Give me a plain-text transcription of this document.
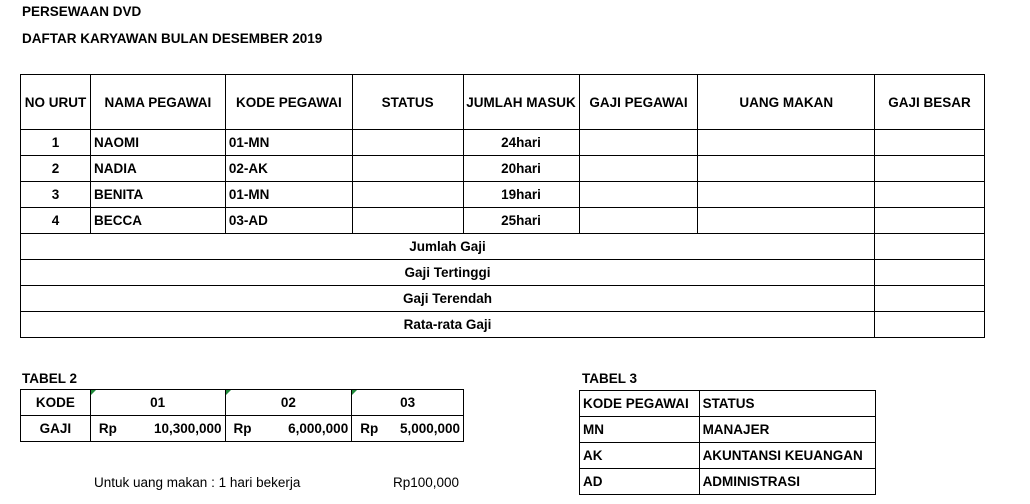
PERSEWAAN DVD
DAFTAR KARYAWAN BULAN DESEMBER 2019
NO URUT	NAMA PEGAWAI	KODE PEGAWAI	STATUS	JUMLAH MASUK	GAJI PEGAWAI	UANG MAKAN	GAJI BESAR
1	NAOMI	01-MN		24hari			
2	NADIA	02-AK		20hari			
3	BENITA	01-MN		19hari			
4	BECCA	03-AD		25hari			
Jumlah Gaji							
Gaji Tertinggi							
Gaji Terendah							
Rata-rata Gaji							
TABEL 2
KODE	01	02	03
GAJI	Rp 10,300,000	Rp 6,000,000	Rp 5,000,000
Untuk uang makan : 1 hari bekerja	Rp100,000
TABEL 3
KODE PEGAWAI	STATUS
MN	MANAJER
AK	AKUNTANSI KEUANGAN
AD	ADMINISTRASI
